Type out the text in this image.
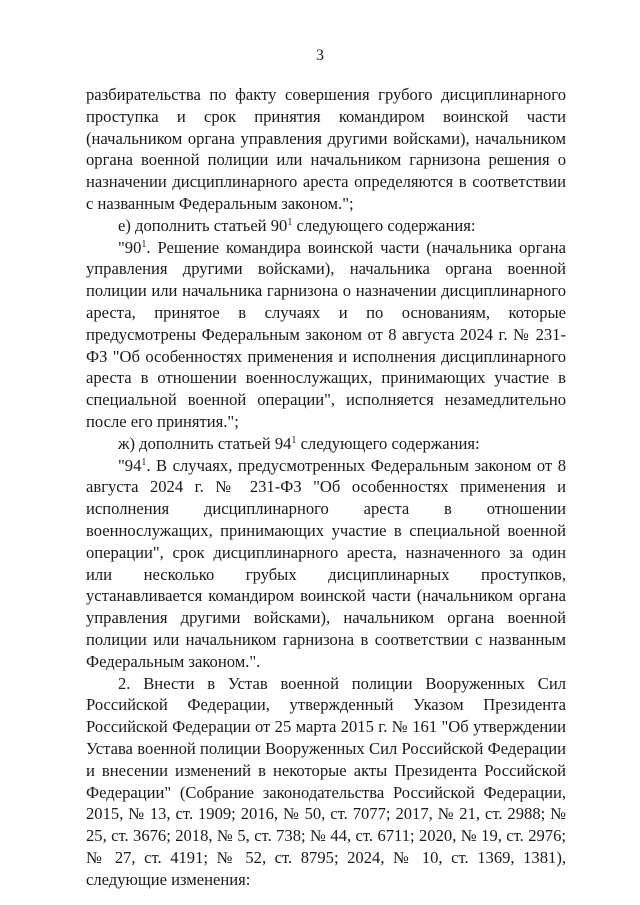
3

разбирательства по факту совершения грубого дисциплинарного проступка и срок принятия командиром воинской части (начальником органа управления другими войсками), начальником органа военной полиции или начальником гарнизона решения о назначении дисциплинарного ареста определяются в соответствии с названным Федеральным законом.";

е) дополнить статьей $90^1$ следующего содержания:

"$90^1$. Решение командира воинской части (начальника органа управления другими войсками), начальника органа военной полиции или начальника гарнизона о назначении дисциплинарного ареста, принятое в случаях и по основаниям, которые предусмотрены Федеральным законом от 8 августа 2024 г. № 231-ФЗ "Об особенностях применения и исполнения дисциплинарного ареста в отношении военнослужащих, принимающих участие в специальной военной операции", исполняется незамедлительно после его принятия.";

ж) дополнить статьей $94^1$ следующего содержания:

"$94^1$. В случаях, предусмотренных Федеральным законом от 8 августа 2024 г. № 231-ФЗ "Об особенностях применения и исполнения дисциплинарного ареста в отношении военнослужащих, принимающих участие в специальной военной операции", срок дисциплинарного ареста, назначенного за один или несколько грубых дисциплинарных проступков, устанавливается командиром воинской части (начальником органа управления другими войсками), начальником органа военной полиции или начальником гарнизона в соответствии с названным Федеральным законом.".

2. Внести в Устав военной полиции Вооруженных Сил Российской Федерации, утвержденный Указом Президента Российской Федерации от 25 марта 2015 г. № 161 "Об утверждении Устава военной полиции Вооруженных Сил Российской Федерации и внесении изменений в некоторые акты Президента Российской Федерации" (Собрание законодательства Российской Федерации, 2015, № 13, ст. 1909; 2016, № 50, ст. 7077; 2017, № 21, ст. 2988; № 25, ст. 3676; 2018, № 5, ст. 738; № 44, ст. 6711; 2020, № 19, ст. 2976; № 27, ст. 4191; № 52, ст. 8795; 2024, № 10, ст. 1369, 1381), следующие изменения:
